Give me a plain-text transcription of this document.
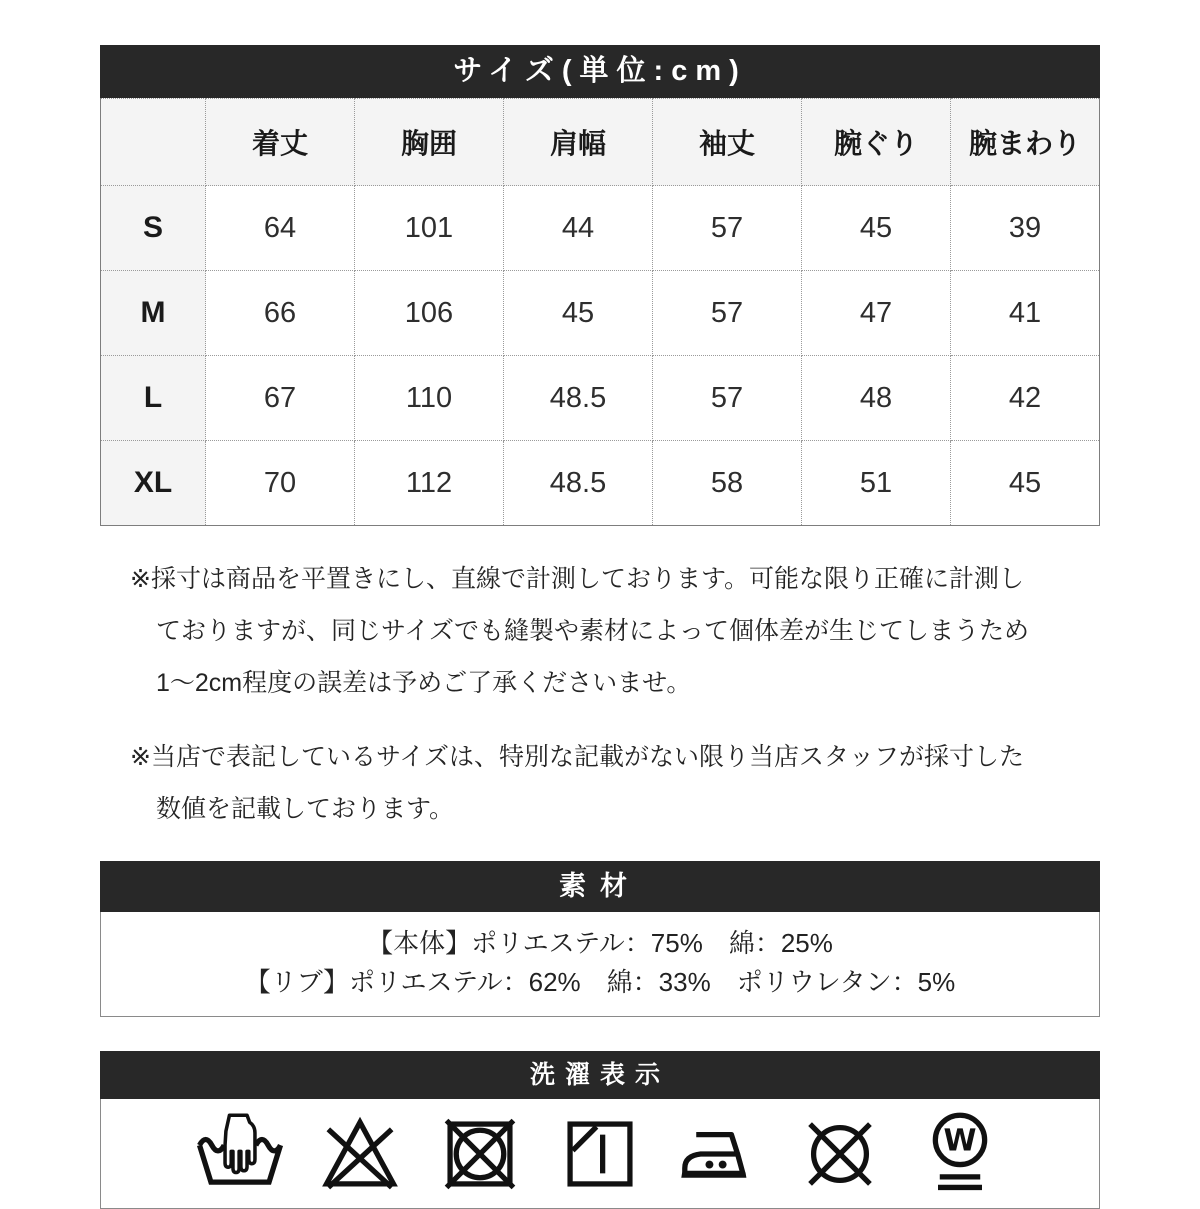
サイズ(単位:cm)
	着丈	胸囲	肩幅	袖丈	腕ぐり	腕まわり
S	64	101	44	57	45	39
M	66	106	45	57	47	41
L	67	110	48.5	57	48	42
XL	70	112	48.5	58	51	45
※採寸は商品を平置きにし、直線で計測しております。可能な限り正確に計測し
ておりますが、同じサイズでも縫製や素材によって個体差が生じてしまうため
1〜2cm程度の誤差は予めご了承くださいませ。
※当店で表記しているサイズは、特別な記載がない限り当店スタッフが採寸した
数値を記載しております。
素材
【本体】ポリエステル：75%　綿：25%
【リブ】ポリエステル：62%　綿：33%　ポリウレタン：5%
洗濯表示
W
